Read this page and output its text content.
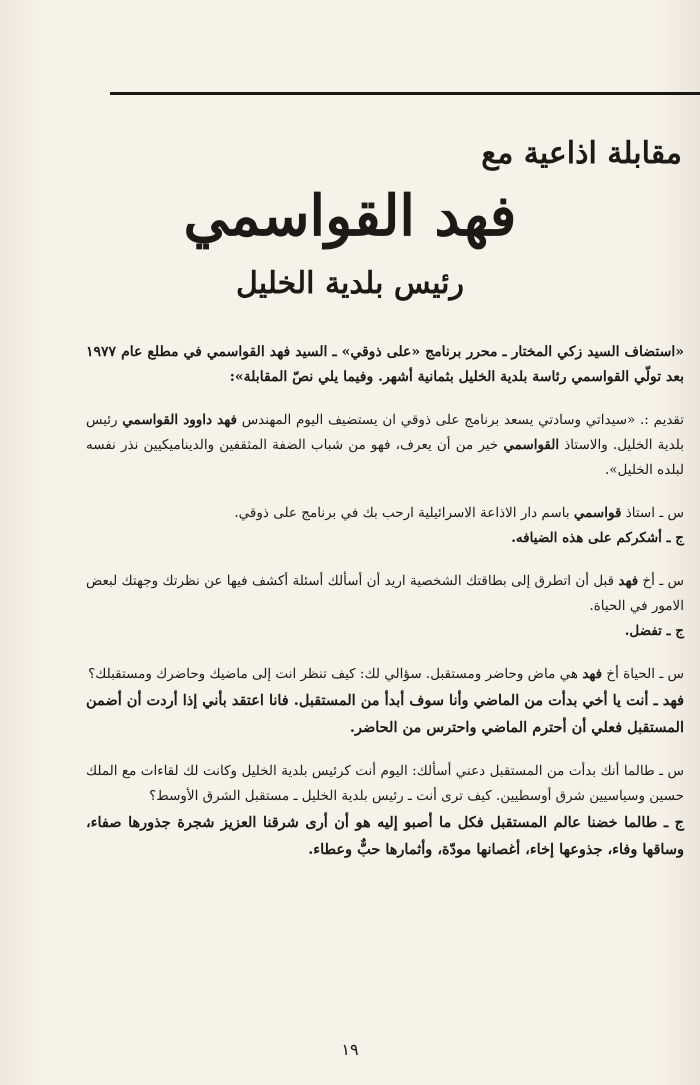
مقابلة اذاعية مع
فهد القواسمي
رئيس بلدية الخليل

«استضاف السيد زكي المختار ـ محرر برنامج «على ذوقي» ـ السيد فهد القواسمي في مطلع عام ١٩٧٧ بعد تولّي القواسمي رئاسة بلدية الخليل بثمانية أشهر. وفيما يلي نصّ المقابلة»:

تقديم :. «سيداتي وسادتي يسعد برنامج على ذوقي ان يستضيف اليوم المهندس فهد داوود القواسمي رئيس بلدية الخليل. والاستاذ القواسمي خير من أن يعرف، فهو من شباب الضفة المثقفين والديناميكيين نذر نفسه لبلده الخليل».

س ـ استاذ قواسمي باسم دار الاذاعة الاسرائيلية ارحب بك في برنامج على ذوقي.

ج ـ أشكركم على هذه الضيافه.

س ـ أخ فهد قبل أن اتطرق إلى بطاقتك الشخصية اريد أن أسألك أسئلة أكشف فيها عن نظرتك وجهتك لبعض الامور في الحياة.

ج ـ تفضل.

س ـ الحياة أخ فهد هي ماض وحاضر ومستقبل. سؤالي لك: كيف تنظر انت إلى ماضيك وحاضرك ومستقبلك؟

فهد ـ أنت يا أخي بدأت من الماضي وأنا سوف أبدأ من المستقبل. فانا اعتقد بأني إذا أردت أن أضمن المستقبل فعلي أن أحترم الماضي واحترس من الحاضر.

س ـ طالما أنك بدأت من المستقبل دعني أسألك: اليوم أنت كرئيس بلدية الخليل وكانت لك لقاءات مع الملك حسين وسياسيين شرق أوسطيين. كيف ترى أنت ـ رئيس بلدية الخليل ـ مستقبل الشرق الأوسط؟

ج ـ طالما خضنا عالم المستقبل فكل ما أصبو إليه هو أن أرى شرقنا العزيز شجرة جذورها صفاء، وساقها وفاء، جذوعها إخاء، أغصانها مودّة، وأثمارها حبٌّ وعطاء.

١٩
